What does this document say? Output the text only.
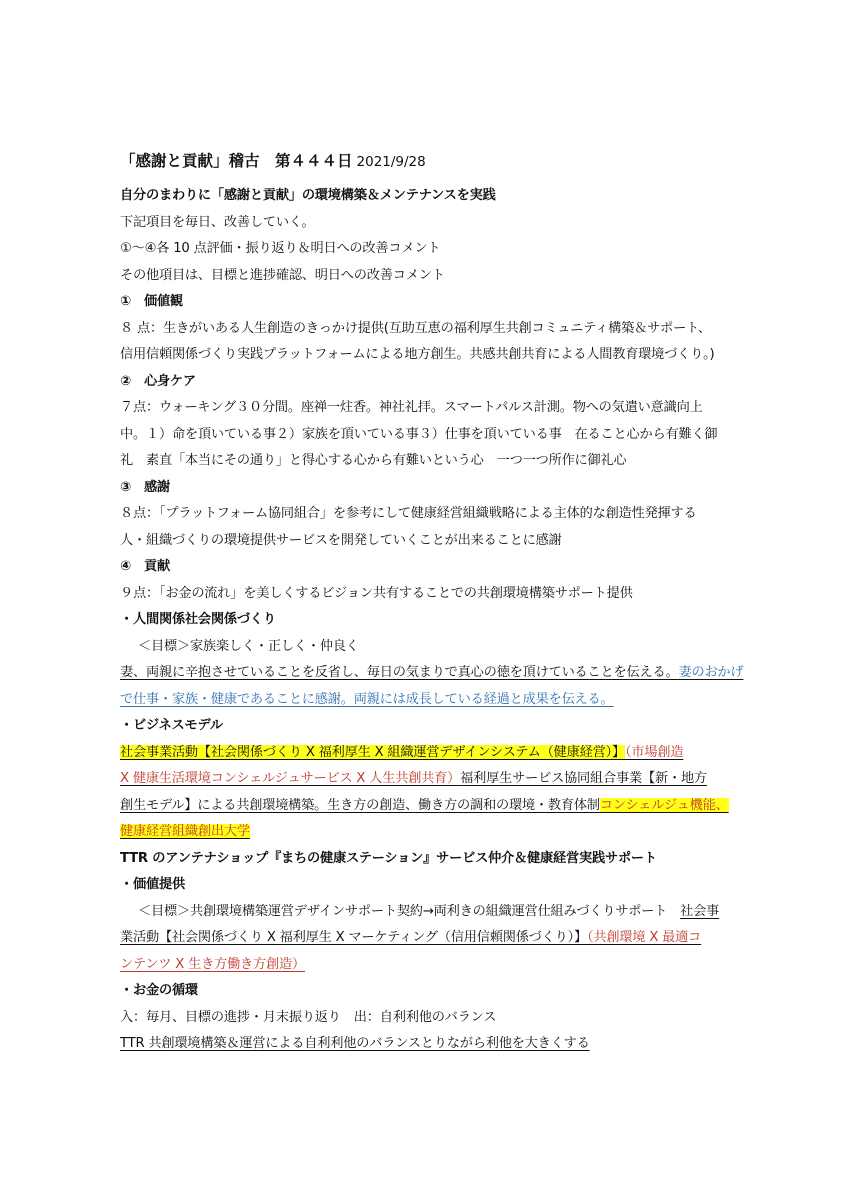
「感謝と貢献」稽古　第４４４日 2021/9/28
自分のまわりに「感謝と貢献」の環境構築＆メンテナンスを実践
下記項目を毎日、改善していく。
①～④各 10 点評価・振り返り＆明日への改善コメント
その他項目は、目標と進捗確認、明日への改善コメント
①　価値観
８ 点：生きがいある人生創造のきっかけ提供(互助互恵の福利厚生共創コミュニティ構築＆サポート、
信用信頼関係づくり実践プラットフォームによる地方創生。共感共創共育による人間教育環境づくり。)
②　心身ケア
７点：ウォーキング３０分間。座禅一炷香。神社礼拝。スマートパルス計測。物への気遣い意識向上
中。１）命を頂いている事２）家族を頂いている事３）仕事を頂いている事　在ること心から有難く御
礼　素直「本当にその通り」と得心する心から有難いという心　一つ一つ所作に御礼心
③　感謝
８点：「プラットフォーム協同組合」を参考にして健康経営組織戦略による主体的な創造性発揮する
人・組織づくりの環境提供サービスを開発していくことが出来ることに感謝
④　貢献
９点：「お金の流れ」を美しくするビジョン共有することでの共創環境構築サポート提供
・人間関係社会関係づくり
＜目標＞家族楽しく・正しく・仲良く
妻、両親に辛抱させていることを反省し、毎日の気まりで真心の徳を頂けていることを伝える。妻のおかげ
で仕事・家族・健康であることに感謝。両親には成長している経過と成果を伝える。
・ビジネスモデル
社会事業活動【社会関係づくり X 福利厚生 X 組織運営デザインシステム（健康経営）】（市場創造
X 健康生活環境コンシェルジュサービス X 人生共創共育）福利厚生サービス協同組合事業【新・地方
創生モデル】による共創環境構築。生き方の創造、働き方の調和の環境・教育体制コンシェルジュ機能、
健康経営組織創出大学
TTR のアンテナショップ『まちの健康ステーション』サービス仲介＆健康経営実践サポート
・価値提供
＜目標＞共創環境構築運営デザインサポート契約→両利きの組織運営仕組みづくりサポート　社会事
業活動【社会関係づくり X 福利厚生 X マーケティング（信用信頼関係づくり）】（共創環境 X 最適コ
ンテンツ X 生き方働き方創造）
・お金の循環
入：毎月、目標の進捗・月末振り返り　出：自利利他のバランス
TTR 共創環境構築＆運営による自利利他のバランスとりながら利他を大きくする
